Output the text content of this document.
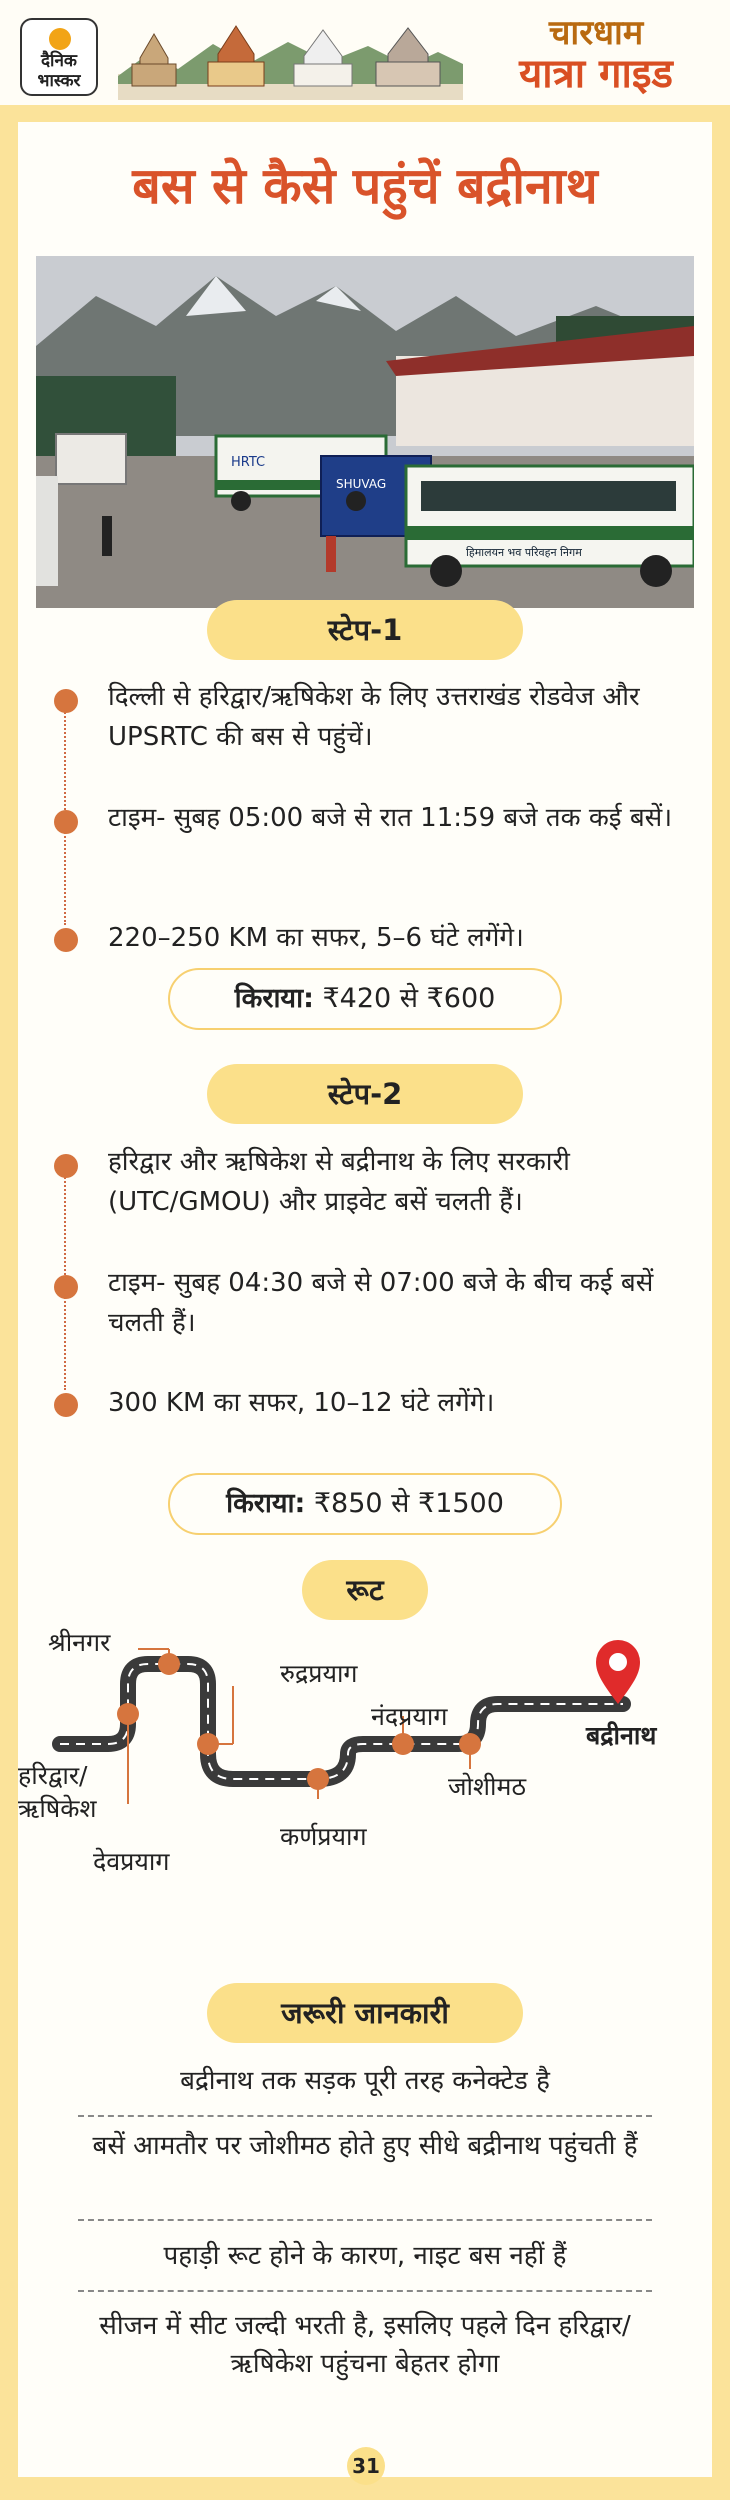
दैनिक
भास्कर
चारधाम
यात्रा गाइड
बस से कैसे पहुंचें बद्रीनाथ
HRTC
SHUVAG
हिमालयन भव परिवहन निगम
स्टेप-1
दिल्ली से हरिद्वार/ऋषिकेश के लिए उत्तराखंड रोडवेज और UPSRTC की बस से पहुंचें।
टाइम- सुबह 05:00 बजे से रात 11:59 बजे तक कई बसें।
220–250 KM का सफर, 5–6 घंटे लगेंगे।
किराया: ₹420 से ₹600
स्टेप-2
हरिद्वार और ऋषिकेश से बद्रीनाथ के लिए सरकारी (UTC/GMOU) और प्राइवेट बसें चलती हैं।
टाइम- सुबह 04:30 बजे से 07:00 बजे के बीच कई बसें चलती हैं।
300 KM का सफर, 10–12 घंटे लगेंगे।
किराया: ₹850 से ₹1500
रूट
श्रीनगर
रुद्रप्रयाग
नंदप्रयाग
बद्रीनाथ
हरिद्वार/
ऋषिकेश
जोशीमठ
कर्णप्रयाग
देवप्रयाग
जरूरी जानकारी
बद्रीनाथ तक सड़क पूरी तरह कनेक्टेड है
बसें आमतौर पर जोशीमठ होते हुए सीधे बद्रीनाथ पहुंचती हैं
पहाड़ी रूट होने के कारण, नाइट बस नहीं हैं
सीजन में सीट जल्दी भरती है, इसलिए पहले दिन हरिद्वार/ऋषिकेश पहुंचना बेहतर होगा
31
